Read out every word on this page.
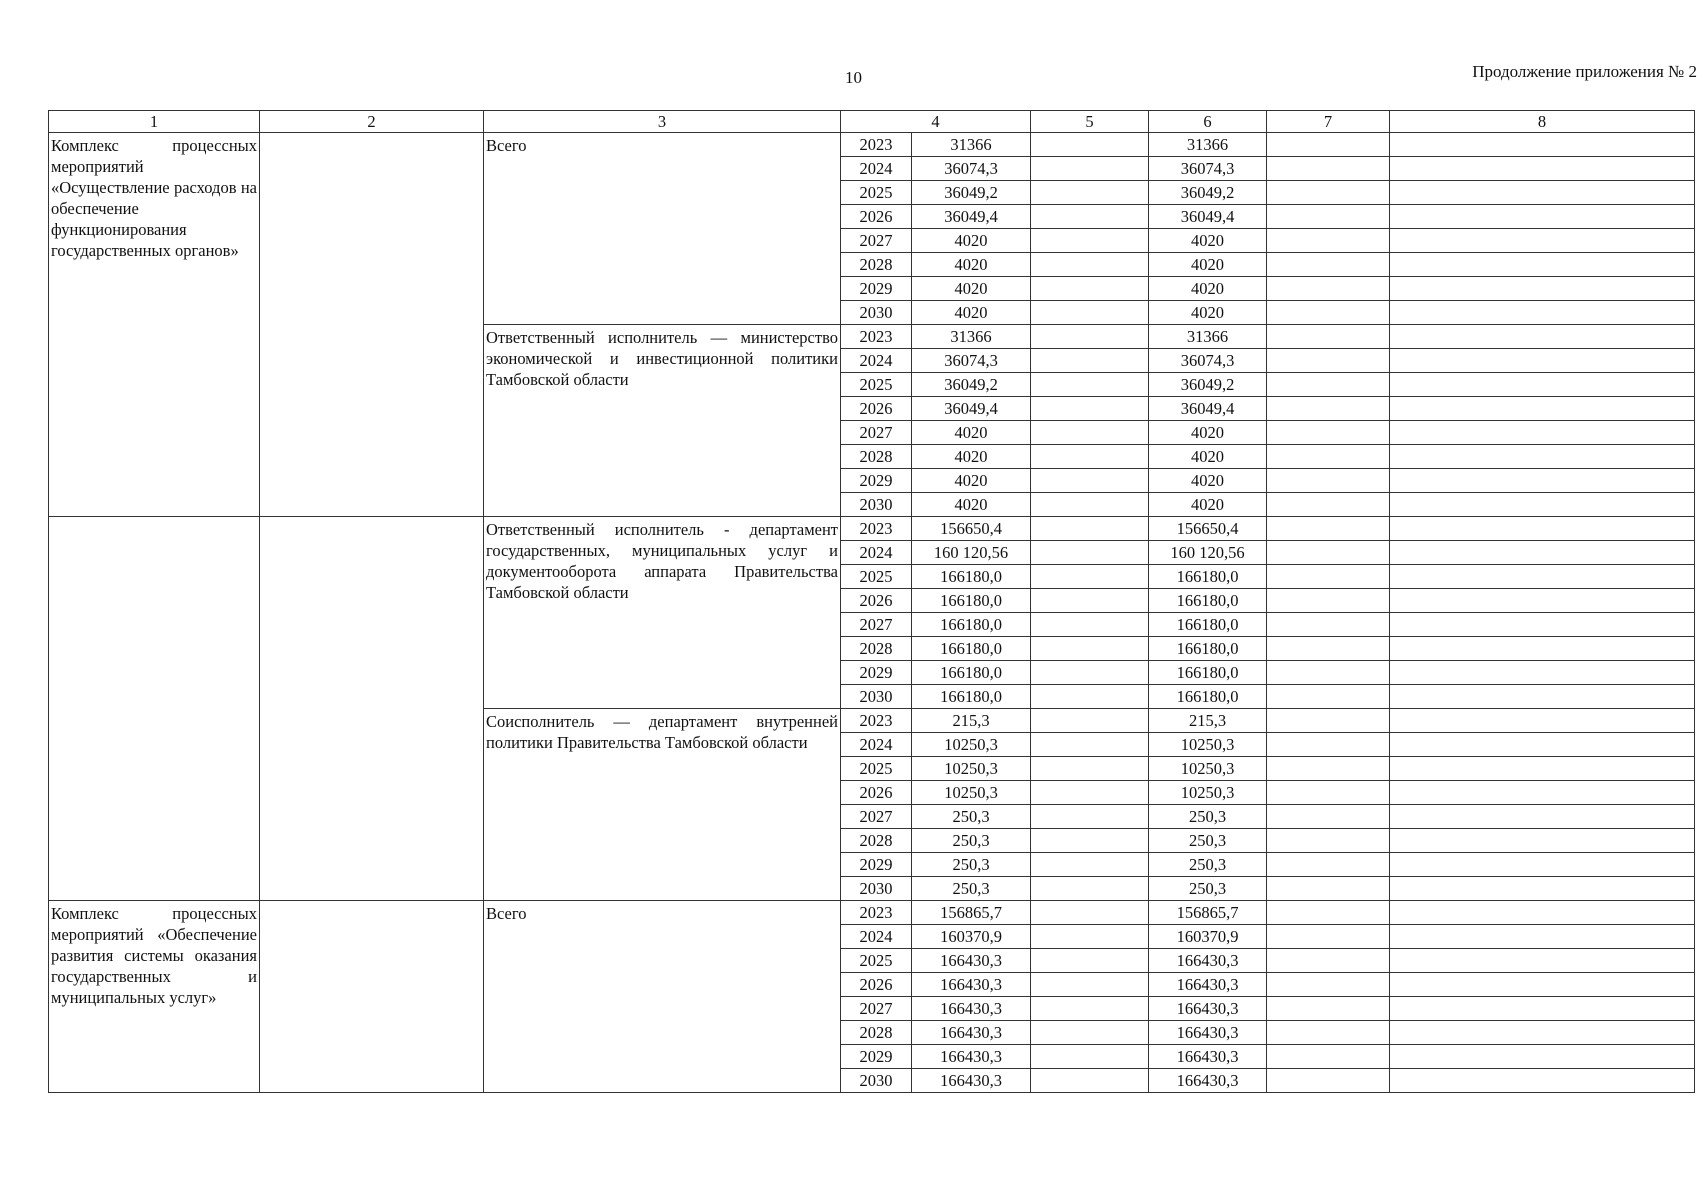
10	Продолжение приложения № 2
1	2	3	4		5	6	7	8
Комплекс процессных мероприятий «Осуществление расходов на обеспечение функционирования государственных органов»		Всего	2023	31366		31366		
			2024	36074,3		36074,3		
			2025	36049,2		36049,2		
			2026	36049,4		36049,4		
			2027	4020		4020		
			2028	4020		4020		
			2029	4020		4020		
			2030	4020		4020		
		Ответственный исполнитель — министерство экономической и инвестиционной политики Тамбовской области	2023	31366		31366		
			2024	36074,3		36074,3		
			2025	36049,2		36049,2		
			2026	36049,4		36049,4		
			2027	4020		4020		
			2028	4020		4020		
			2029	4020		4020		
			2030	4020		4020		
		Ответственный исполнитель - департамент государственных, муниципальных услуг и документооборота аппарата Правительства Тамбовской области	2023	156650,4		156650,4		
			2024	160 120,56		160 120,56		
			2025	166180,0		166180,0		
			2026	166180,0		166180,0		
			2027	166180,0		166180,0		
			2028	166180,0		166180,0		
			2029	166180,0		166180,0		
			2030	166180,0		166180,0		
		Соисполнитель — департамент внутренней политики Правительства Тамбовской области	2023	215,3		215,3		
			2024	10250,3		10250,3		
			2025	10250,3		10250,3		
			2026	10250,3		10250,3		
			2027	250,3		250,3		
			2028	250,3		250,3		
			2029	250,3		250,3		
			2030	250,3		250,3		
Комплекс процессных мероприятий «Обеспечение развития системы оказания государственных и муниципальных услуг»		Всего	2023	156865,7		156865,7		
			2024	160370,9		160370,9		
			2025	166430,3		166430,3		
			2026	166430,3		166430,3		
			2027	166430,3		166430,3		
			2028	166430,3		166430,3		
			2029	166430,3		166430,3		
			2030	166430,3		166430,3		
